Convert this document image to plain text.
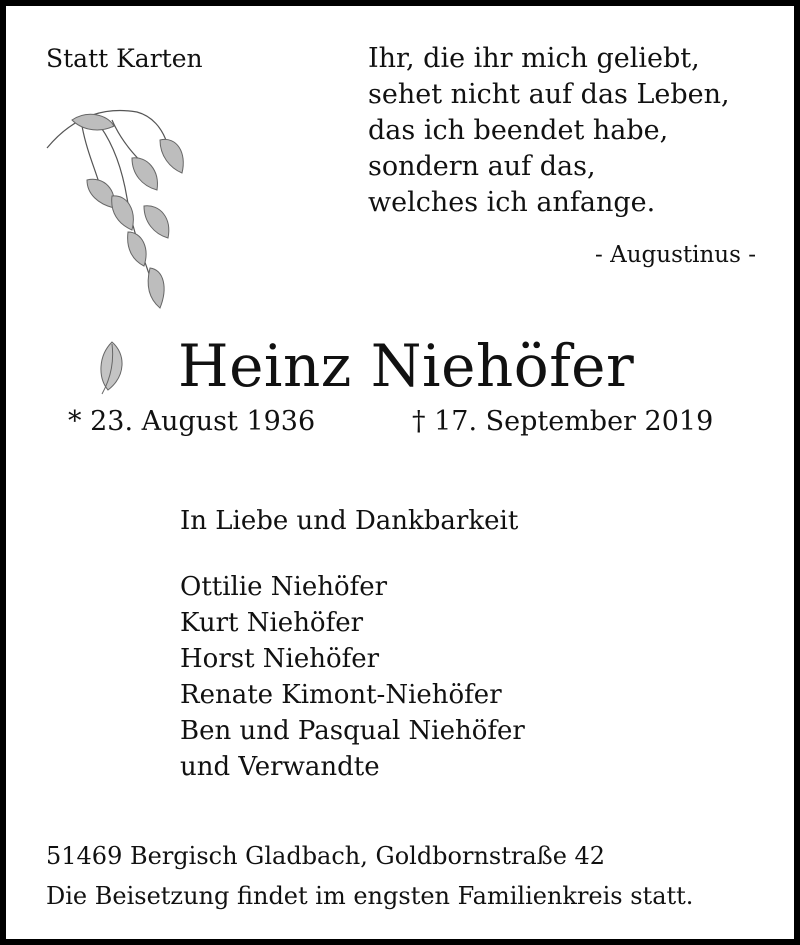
Statt Karten	Ihr, die ihr mich geliebt,
sehet nicht auf das Leben,
das ich beendet habe,
sondern auf das,
welches ich anfange.
- Augustinus -
Heinz Niehöfer
* 23. August 1936	† 17. September 2019
In Liebe und Dankbarkeit
Ottilie Niehöfer
Kurt Niehöfer
Horst Niehöfer
Renate Kimont-Niehöfer
Ben und Pasqual Niehöfer
und Verwandte
51469 Bergisch Gladbach, Goldbornstraße 42
Die Beisetzung findet im engsten Familienkreis statt.
